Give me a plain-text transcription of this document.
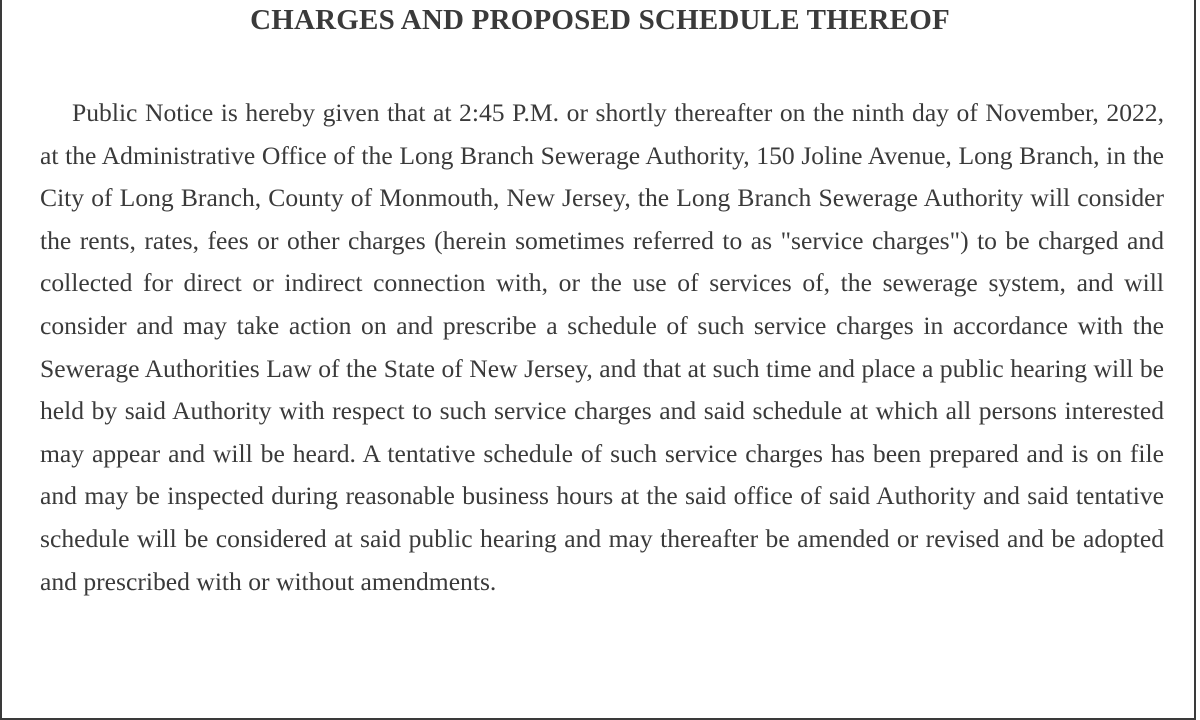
CHARGES AND PROPOSED SCHEDULE THEREOF

Public Notice is hereby given that at 2:45 P.M. or shortly thereafter on the ninth day of November, 2022, at the Administrative Office of the Long Branch Sewerage Authority, 150 Joline Avenue, Long Branch, in the City of Long Branch, County of Monmouth, New Jersey, the Long Branch Sewerage Authority will consider the rents, rates, fees or other charges (herein sometimes referred to as "service charges") to be charged and collected for direct or indirect connection with, or the use of services of, the sewerage system, and will consider and may take action on and prescribe a schedule of such service charges in accordance with the Sewerage Authorities Law of the State of New Jersey, and that at such time and place a public hearing will be held by said Authority with respect to such service charges and said schedule at which all persons interested may appear and will be heard. A tentative schedule of such service charges has been prepared and is on file and may be inspected during reasonable business hours at the said office of said Authority and said tentative schedule will be considered at said public hearing and may thereafter be amended or revised and be adopted and prescribed with or without amendments.
